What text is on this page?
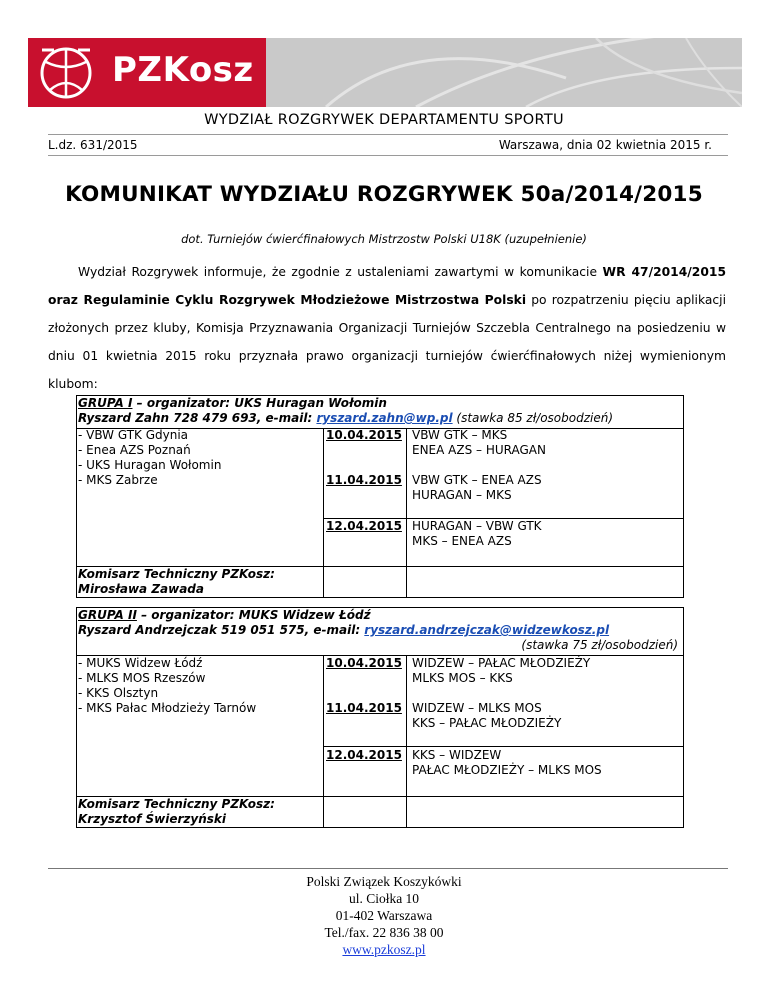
PZKosz
WYDZIAŁ ROZGRYWEK DEPARTAMENTU SPORTU
L.dz. 631/2015	Warszawa, dnia 02 kwietnia 2015 r.
KOMUNIKAT WYDZIAŁU ROZGRYWEK 50a/2014/2015
dot. Turniejów ćwierćfinałowych Mistrzostw Polski U18K (uzupełnienie)
Wydział Rozgrywek informuje, że zgodnie z ustaleniami zawartymi w komunikacie WR 47/2014/2015 oraz Regulaminie Cyklu Rozgrywek Młodzieżowe Mistrzostwa Polski po rozpatrzeniu pięciu aplikacji złożonych przez kluby, Komisja Przyznawania Organizacji Turniejów Szczebla Centralnego na posiedzeniu w dniu 01 kwietnia 2015 roku przyznała prawo organizacji turniejów ćwierćfinałowych niżej wymienionym klubom:
GRUPA I – organizator: UKS Huragan Wołomin
Ryszard Zahn 728 479 693, e-mail: ryszard.zahn@wp.pl (stawka 85 zł/osobodzień)
- VBW GTK Gdynia
- Enea AZS Poznań
- UKS Huragan Wołomin
- MKS Zabrze
10.04.2015 VBW GTK – MKS
ENEA AZS – HURAGAN
11.04.2015 VBW GTK – ENEA AZS
HURAGAN – MKS
12.04.2015 HURAGAN – VBW GTK
MKS – ENEA AZS
Komisarz Techniczny PZKosz:
Mirosława Zawada
GRUPA II – organizator: MUKS Widzew Łódź
Ryszard Andrzejczak 519 051 575, e-mail: ryszard.andrzejczak@widzewkosz.pl
(stawka 75 zł/osobodzień)
- MUKS Widzew Łódź
- MLKS MOS Rzeszów
- KKS Olsztyn
- MKS Pałac Młodzieży Tarnów
10.04.2015 WIDZEW – PAŁAC MŁODZIEŻY
MLKS MOS – KKS
11.04.2015 WIDZEW – MLKS MOS
KKS – PAŁAC MŁODZIEŻY
12.04.2015 KKS – WIDZEW
PAŁAC MŁODZIEŻY – MLKS MOS
Komisarz Techniczny PZKosz:
Krzysztof Świerzyński
Polski Związek Koszykówki
ul. Ciołka 10
01-402 Warszawa
Tel./fax. 22 836 38 00
www.pzkosz.pl
